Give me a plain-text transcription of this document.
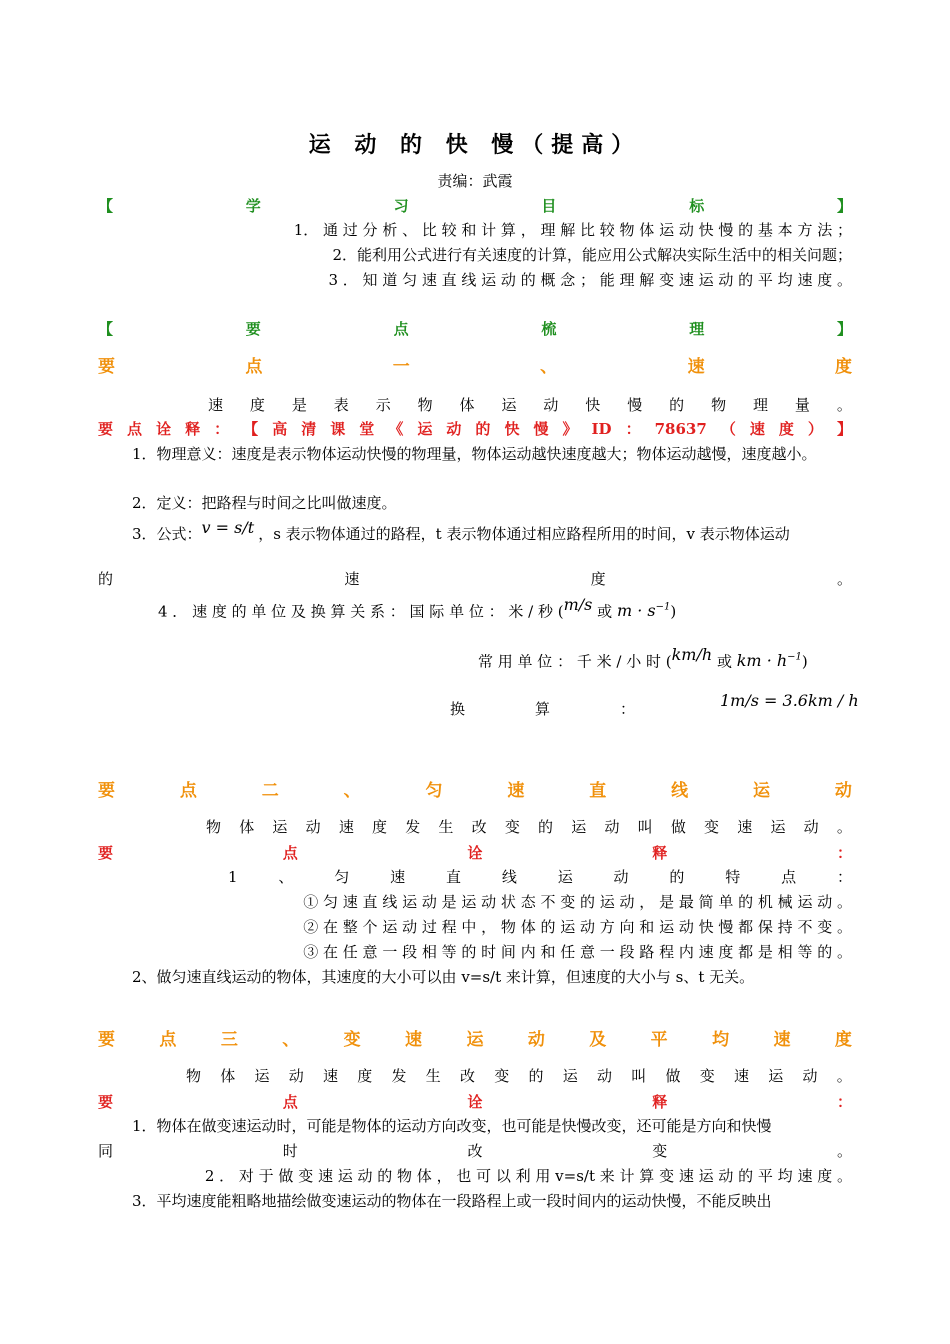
运 动 的 快 慢（提高）
责编：武霞
【	学	习	目	标	】
1． 通 过 分 析 、 比 较 和 计 算 ， 理 解 比 较 物 体 运 动 快 慢 的 基 本 方 法 ；
2．能利用公式进行有关速度的计算，能应用公式解决实际生活中的相关问题；
3 ． 知 道 匀 速 直 线 运 动 的 概 念 ； 能 理 解 变 速 运 动 的 平 均 速 度 。
【	要	点	梳	理	】
要	点	一	、	速	度
速 度 是 表 示 物 体 运 动 快 慢 的 物 理 量 。
要 点 诠 释 ： 【 高 清 课 堂 《 运 动 的 快 慢 》 ID ： 78637 （ 速 度 ） 】
1．物理意义：速度是表示物体运动快慢的物理量，物体运动越快速度越大；物体运动越慢，速度越小。
2．定义：把路程与时间之比叫做速度。
3．公式：v = s/t ，s 表示物体通过的路程，t 表示物体通过相应路程所用的时间，v 表示物体运动
的	速	度	。
4 ． 速 度 的 单 位 及 换 算 关 系 ： 国 际 单 位 ： 米 / 秒 (m/s 或 $m \cdot s^{-1}$)
常 用 单 位 ： 千 米 / 小 时 (km/h 或 km · $h^{-1}$)
换	算	：	1m/s = 3.6km / h
要	点	二	、	匀	速	直	线	运	动
物 体 运 动 速 度 发 生 改 变 的 运 动 叫 做 变 速 运 动 。
要	点	诠	释	：
1	、	匀	速	直	线	运	动	的	特	点	：
① 匀 速 直 线 运 动 是 运 动 状 态 不 变 的 运 动 ， 是 最 简 单 的 机 械 运 动 。
② 在 整 个 运 动 过 程 中 ， 物 体 的 运 动 方 向 和 运 动 快 慢 都 保 持 不 变 。
③ 在 任 意 一 段 相 等 的 时 间 内 和 任 意 一 段 路 程 内 速 度 都 是 相 等 的 。
2、做匀速直线运动的物体，其速度的大小可以由 v=s/t 来计算，但速度的大小与 s、t 无关。
要	点	三	、	变	速	运	动	及	平	均	速	度
物 体 运 动 速 度 发 生 改 变 的 运 动 叫 做 变 速 运 动 。
要	点	诠	释	：
1．物体在做变速运动时，可能是物体的运动方向改变，也可能是快慢改变，还可能是方向和快慢
同	时	改	变	。
2 ． 对 于 做 变 速 运 动 的 物 体 ， 也 可 以 利 用 v=s/t 来 计 算 变 速 运 动 的 平 均 速 度 。
3．平均速度能粗略地描绘做变速运动的物体在一段路程上或一段时间内的运动快慢，不能反映出
